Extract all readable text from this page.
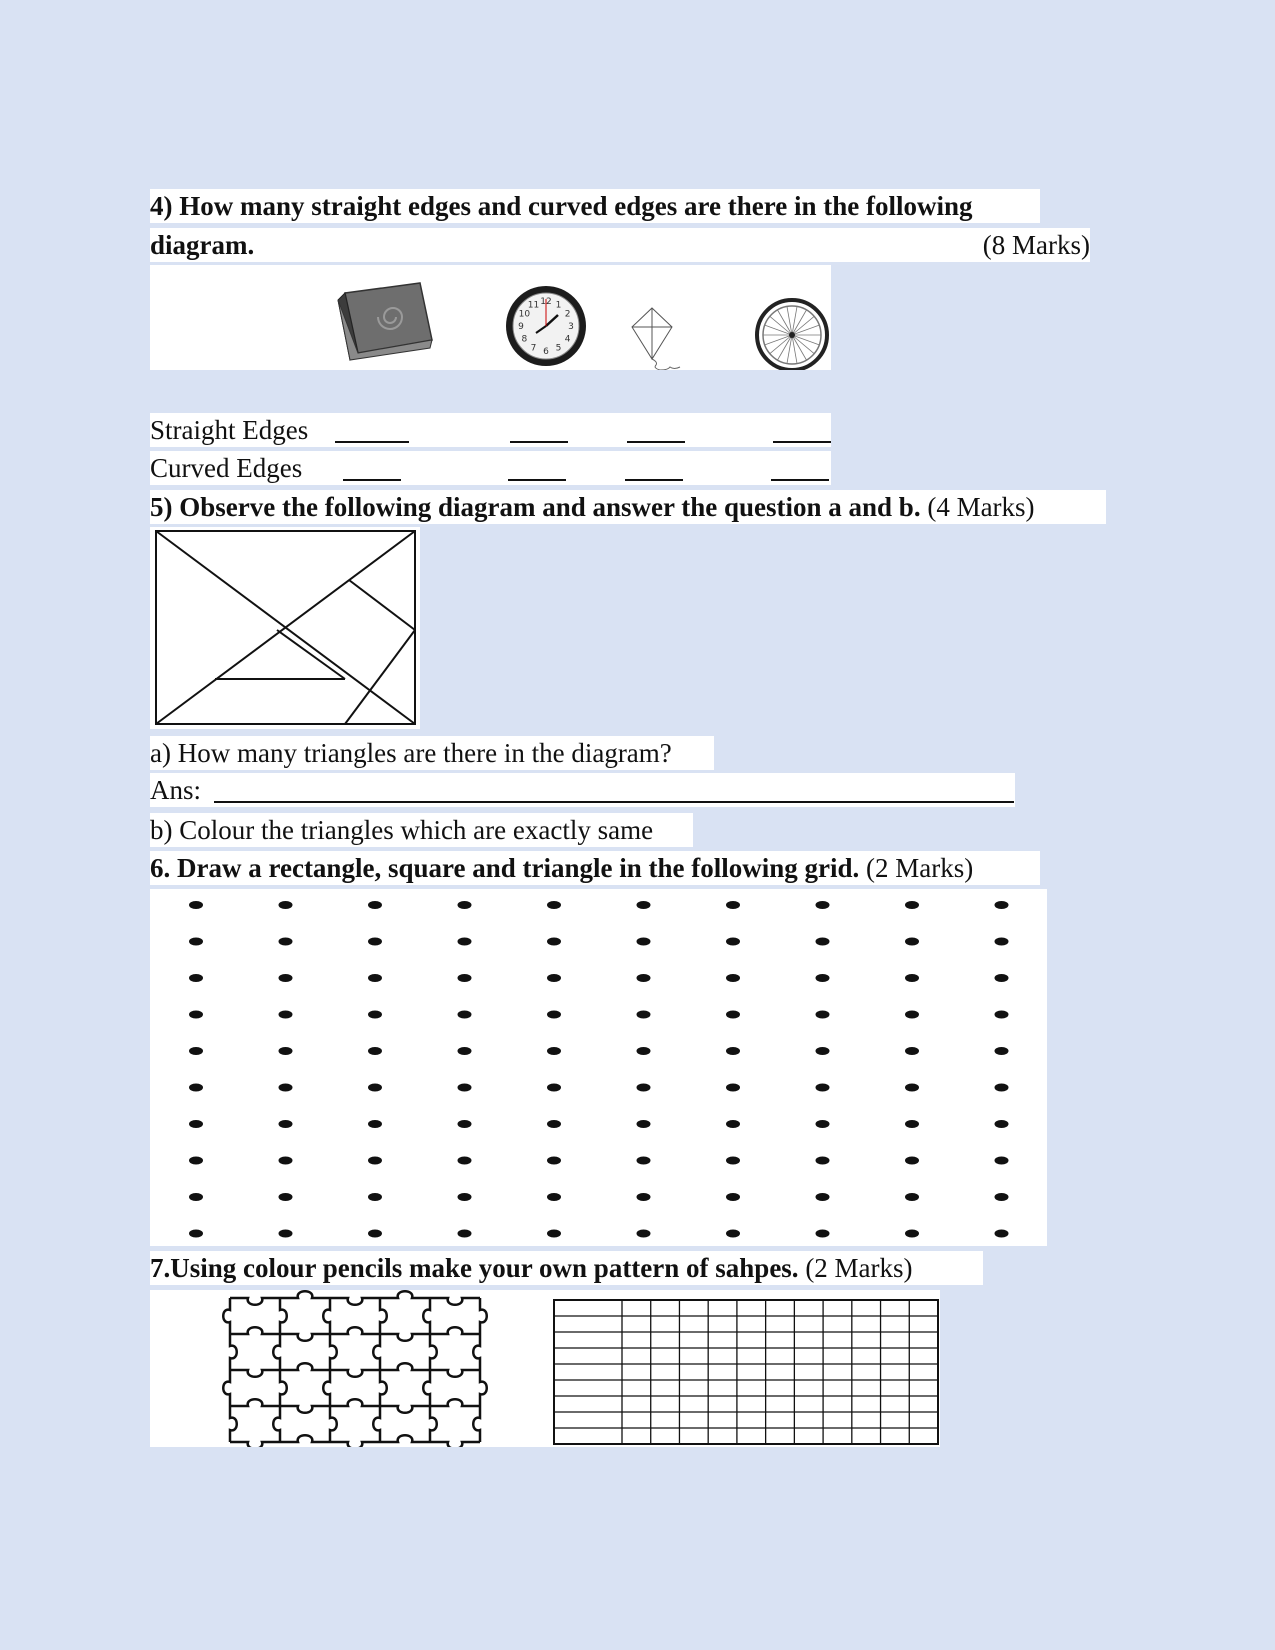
4) How many straight edges and curved edges are there in the following
diagram.	(8 Marks)
12 1
2
3
4
5
6
7
8
9
10
11
Straight Edges
Curved Edges
5) Observe the following diagram and answer the question a and b. (4 Marks)
a) How many triangles are there in the diagram?
Ans:
b) Colour the triangles which are exactly same
6. Draw a rectangle, square and triangle in the following grid. (2 Marks)
7.Using colour pencils make your own pattern of sahpes. (2 Marks)
